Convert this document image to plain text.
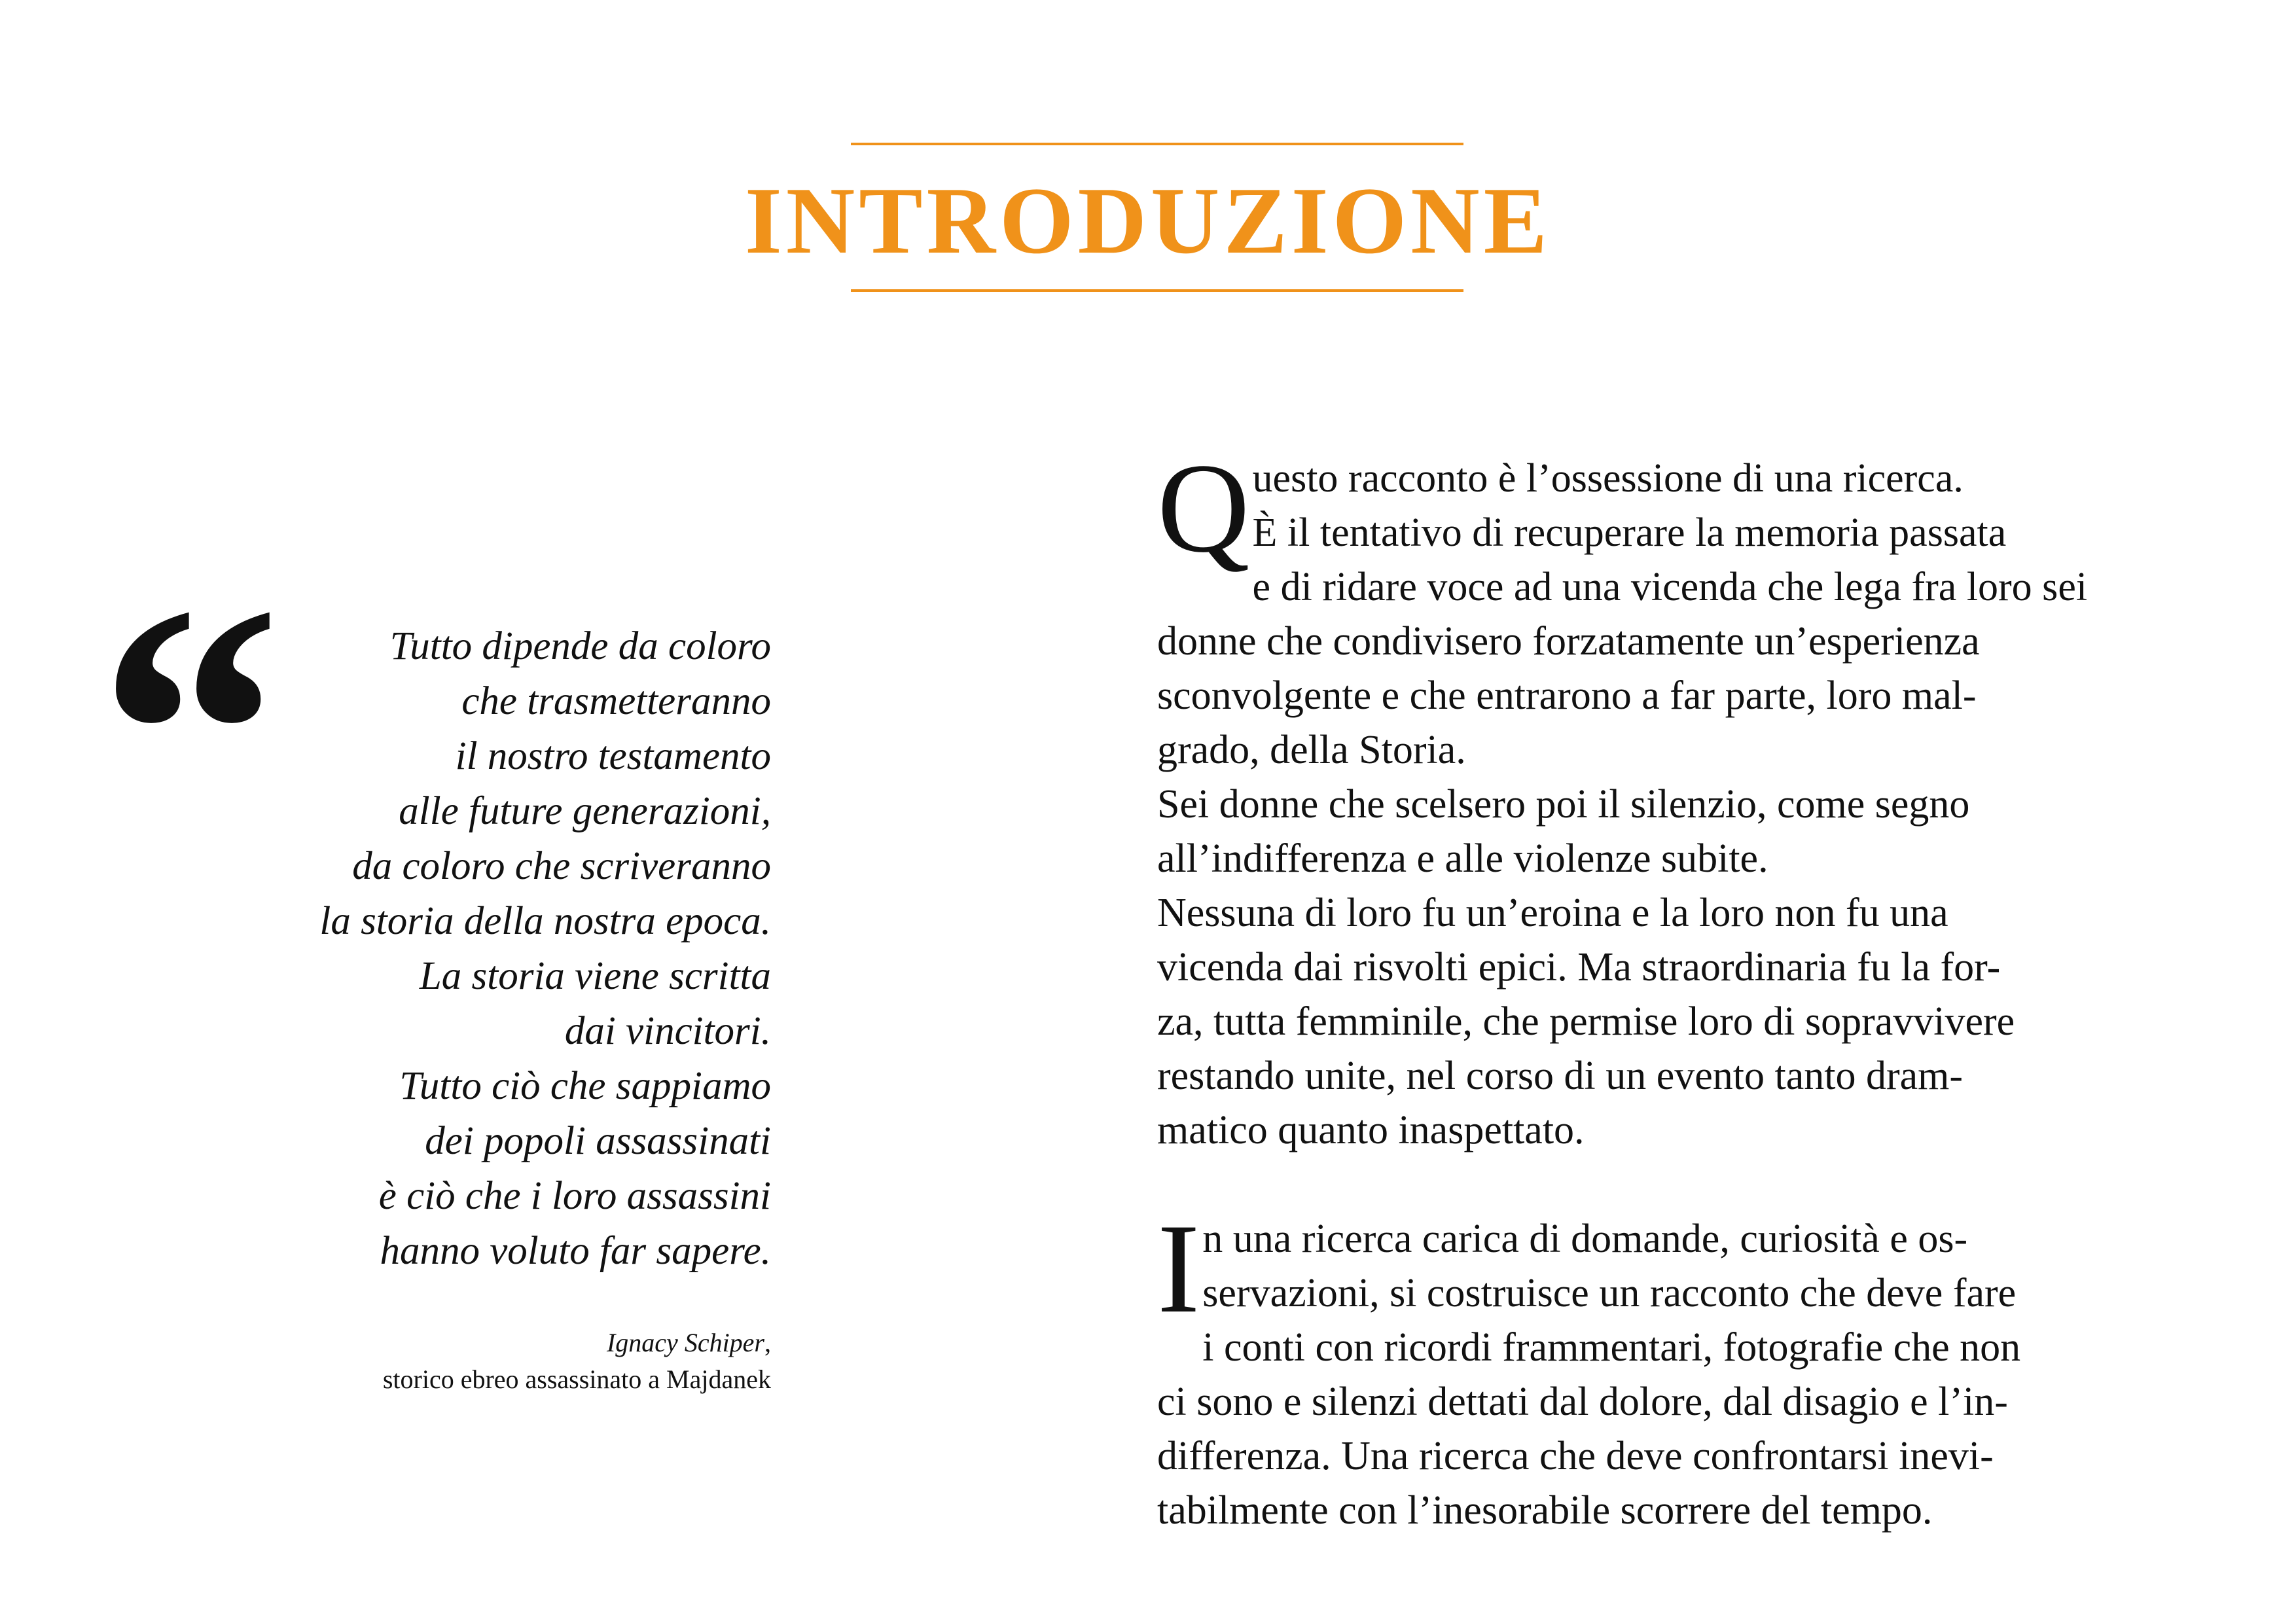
INTRODUZIONE
“	Tutto dipende da coloro
che trasmetteranno
il nostro testamento
alle future generazioni,
da coloro che scriveranno
la storia della nostra epoca.
La storia viene scritta
dai vincitori.
Tutto ciò che sappiamo
dei popoli assassinati
è ciò che i loro assassini
hanno voluto far sapere.

Ignacy Schiper,
storico ebreo assassinato a Majdanek

Q uesto racconto è l’ossessione di una ricerca.
È il tentativo di recuperare la memoria passata
e di ridare voce ad una vicenda che lega fra loro sei
donne che condivisero forzatamente un’esperienza
sconvolgente e che entrarono a far parte, loro mal-
grado, della Storia.
Sei donne che scelsero poi il silenzio, come segno
all’indifferenza e alle violenze subite.
Nessuna di loro fu un’eroina e la loro non fu una
vicenda dai risvolti epici. Ma straordinaria fu la for-
za, tutta femminile, che permise loro di sopravvivere
restando unite, nel corso di un evento tanto dram-
matico quanto inaspettato.

I n una ricerca carica di domande, curiosità e os-
servazioni, si costruisce un racconto che deve fare
i conti con ricordi frammentari, fotografie che non
ci sono e silenzi dettati dal dolore, dal disagio e l’in-
differenza. Una ricerca che deve confrontarsi inevi-
tabilmente con l’inesorabile scorrere del tempo.
